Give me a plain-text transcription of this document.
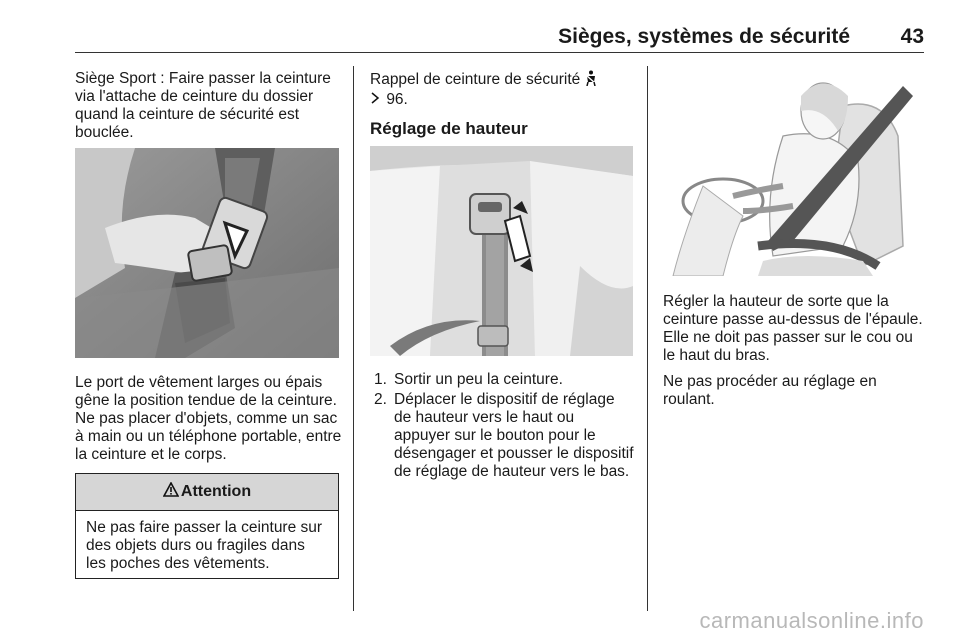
Sièges, systèmes de sécurité 43

Siège Sport : Faire passer la ceinture via l'attache de ceinture du dossier quand la ceinture de sécurité est bouclée.

Le port de vêtement larges ou épais gêne la position tendue de la ceinture. Ne pas placer d'objets, comme un sac à main ou un téléphone portable, entre la ceinture et le corps.

Attention
Ne pas faire passer la ceinture sur des objets durs ou fragiles dans les poches des vêtements.

Rappel de ceinture de sécurité
96.

Réglage de hauteur
1. Sortir un peu la ceinture.
2. Déplacer le dispositif de réglage de hauteur vers le haut ou appuyer sur le bouton pour le désengager et pousser le dispositif de réglage de hauteur vers le bas.

Régler la hauteur de sorte que la ceinture passe au-dessus de l'épaule. Elle ne doit pas passer sur le cou ou le haut du bras.

Ne pas procéder au réglage en roulant.

carmanualsonline.info
